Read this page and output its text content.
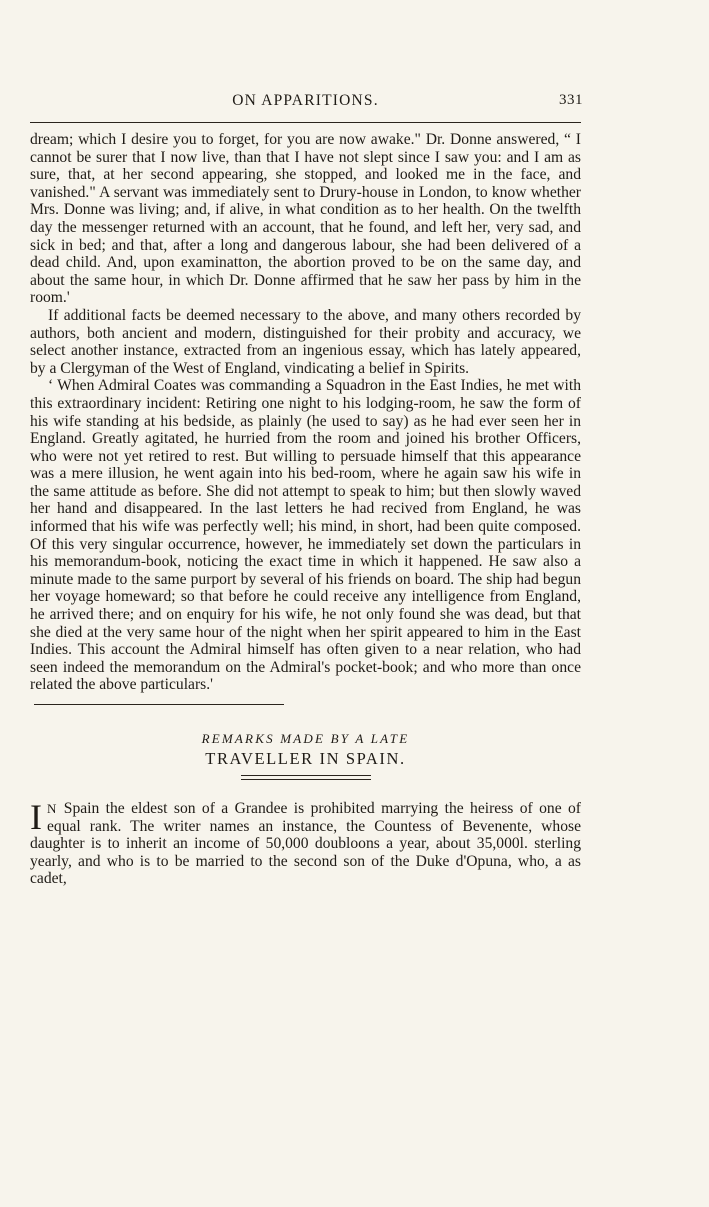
ON APPARITIONS.	331

dream; which I desire you to forget, for you are now awake." Dr. Donne answered, “ I cannot be surer that I now live, than that I have not slept since I saw you: and I am as sure, that, at her second appearing, she stopped, and looked me in the face, and vanished." A servant was immediately sent to Drury-house in London, to know whether Mrs. Donne was living; and, if alive, in what condition as to her health. On the twelfth day the messenger returned with an account, that he found, and left her, very sad, and sick in bed; and that, after a long and dangerous labour, she had been delivered of a dead child. And, upon examinatton, the abortion proved to be on the same day, and about the same hour, in which Dr. Donne affirmed that he saw her pass by him in the room.'

If additional facts be deemed necessary to the above, and many others recorded by authors, both ancient and modern, distinguished for their probity and accuracy, we select another instance, extracted from an ingenious essay, which has lately appeared, by a Clergyman of the West of England, vindicating a belief in Spirits.

‘ When Admiral Coates was commanding a Squadron in the East Indies, he met with this extraordinary incident: Retiring one night to his lodging-room, he saw the form of his wife standing at his bedside, as plainly (he used to say) as he had ever seen her in England. Greatly agitated, he hurried from the room and joined his brother Officers, who were not yet retired to rest. But willing to persuade himself that this appearance was a mere illusion, he went again into his bed-room, where he again saw his wife in the same attitude as before. She did not attempt to speak to him; but then slowly waved her hand and disappeared. In the last letters he had recived from England, he was informed that his wife was perfectly well; his mind, in short, had been quite composed. Of this very singular occurrence, however, he immediately set down the particulars in his memorandum-book, noticing the exact time in which it happened. He saw also a minute made to the same purport by several of his friends on board. The ship had begun her voyage homeward; so that before he could receive any intelligence from England, he arrived there; and on enquiry for his wife, he not only found she was dead, but that she died at the very same hour of the night when her spirit appeared to him in the East Indies. This account the Admiral himself has often given to a near relation, who had seen indeed the memorandum on the Admiral's pocket-book; and who more than once related the above particulars.'

REMARKS MADE BY A LATE
TRAVELLER IN SPAIN.

I N Spain the eldest son of a Grandee is prohibited marrying the heiress of one of equal rank. The writer names an instance, the Countess of Bevenente, whose daughter is to inherit an income of 50,000 doubloons a year, about 35,000l. sterling yearly, and who is to be married to the second son of the Duke d'Opuna, who, a as cadet,
